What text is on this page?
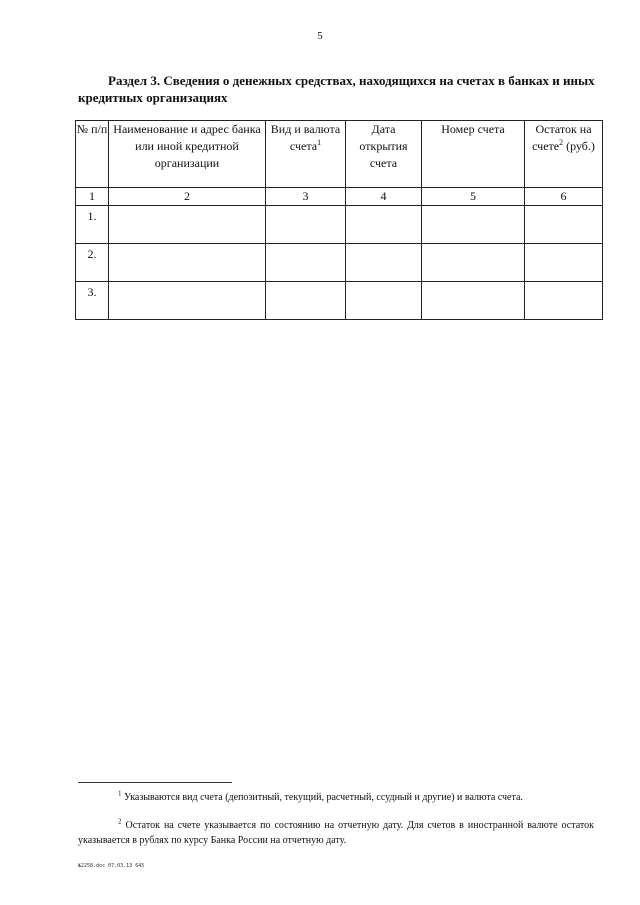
5
Раздел 3. Сведения о денежных средствах, находящихся на счетах в банках и иных кредитных организациях
№ п/п	Наименование и адрес банка или иной кредитной организации	Вид и валюта счета$^1$	Дата открытия счета	Номер счета	Остаток на счете$^2$ (руб.)
1	2	3	4	5	6
1.					
2.					
3.					
$^1$ Указываются вид счета (депозитный, текущий, расчетный, ссудный и другие) и валюта счета.
$^2$ Остаток на счете указывается по состоянию на отчетную дату. Для счетов в иностранной валюте остаток указывается в рублях по курсу Банка России на отчетную дату.
№2258.doc 07.03.13 645
